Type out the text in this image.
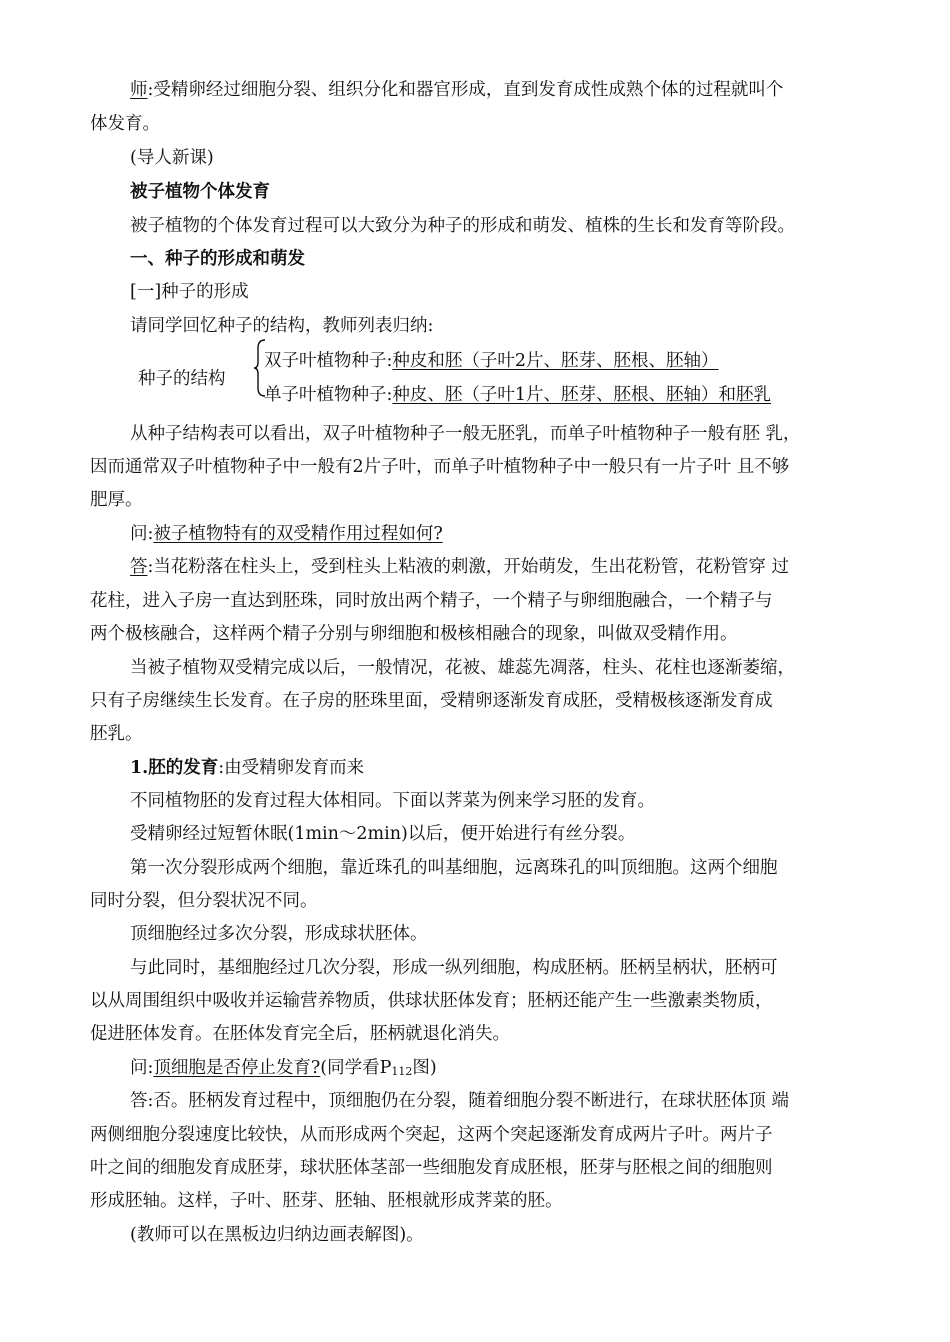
师:受精卵经过细胞分裂、组织分化和器官形成，直到发育成性成熟个体的过程就叫个

体发育。

(导人新课)

被子植物个体发育

被子植物的个体发育过程可以大致分为种子的形成和萌发、植株的生长和发育等阶段。

一、种子的形成和萌发

[一]种子的形成

请同学回忆种子的结构，教师列表归纳:

种子的结构
双子叶植物种子:种皮和胚（子叶2片、胚芽、胚根、胚轴）
单子叶植物种子:种皮、胚（子叶1片、胚芽、胚根、胚轴）和胚乳

从种子结构表可以看出，双子叶植物种子一般无胚乳，而单子叶植物种子一般有胚 乳，

因而通常双子叶植物种子中一般有2片子叶，而单子叶植物种子中一般只有一片子叶 且不够

肥厚。

问:被子植物特有的双受精作用过程如何?

答:当花粉落在柱头上，受到柱头上粘液的刺激，开始萌发，生出花粉管，花粉管穿 过

花柱，进入子房一直达到胚珠，同时放出两个精子，一个精子与卵细胞融合，一个精子与

两个极核融合，这样两个精子分别与卵细胞和极核相融合的现象，叫做双受精作用。

当被子植物双受精完成以后，一般情况，花被、雄蕊先凋落，柱头、花柱也逐渐萎缩，

只有子房继续生长发育。在子房的胚珠里面，受精卵逐渐发育成胚，受精极核逐渐发育成

胚乳。

1.胚的发育:由受精卵发育而来

不同植物胚的发育过程大体相同。下面以荠菜为例来学习胚的发育。

受精卵经过短暂休眠(1min～2min)以后，便开始进行有丝分裂。

第一次分裂形成两个细胞，靠近珠孔的叫基细胞，远离珠孔的叫顶细胞。这两个细胞

同时分裂，但分裂状况不同。

顶细胞经过多次分裂，形成球状胚体。

与此同时，基细胞经过几次分裂，形成一纵列细胞，构成胚柄。胚柄呈柄状，胚柄可

以从周围组织中吸收并运输营养物质，供球状胚体发育；胚柄还能产生一些激素类物质，

促进胚体发育。在胚体发育完全后，胚柄就退化消失。

问:顶细胞是否停止发育?(同学看$P_{112}$图)

答:否。胚柄发育过程中，顶细胞仍在分裂，随着细胞分裂不断进行，在球状胚体顶 端

两侧细胞分裂速度比较快，从而形成两个突起，这两个突起逐渐发育成两片子叶。两片子

叶之间的细胞发育成胚芽，球状胚体茎部一些细胞发育成胚根，胚芽与胚根之间的细胞则

形成胚轴。这样，子叶、胚芽、胚轴、胚根就形成荠菜的胚。

(教师可以在黑板边归纳边画表解图)。
